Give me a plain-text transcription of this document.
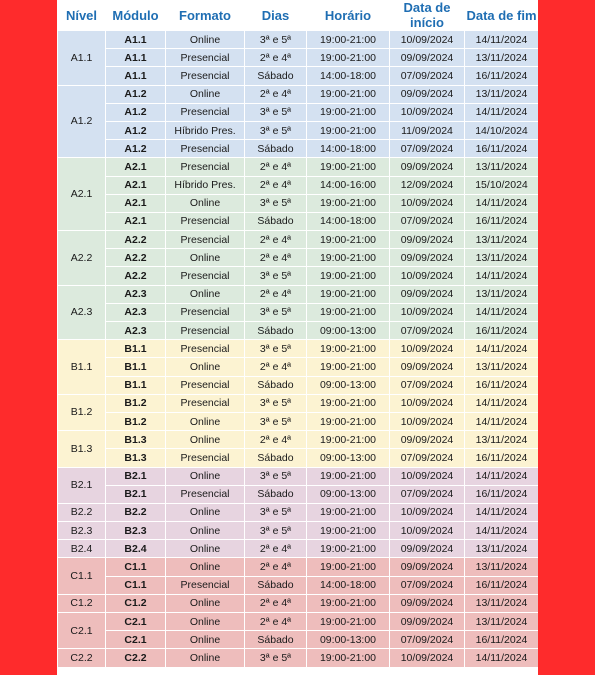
Nível	Módulo	Formato	Dias	Horário	Data de início	Data de fim
A1.1	A1.1	Online	3ª e 5ª	19:00-21:00	10/09/2024	14/11/2024
	A1.1	Presencial	2ª e 4ª	19:00-21:00	09/09/2024	13/11/2024
	A1.1	Presencial	Sábado	14:00-18:00	07/09/2024	16/11/2024
A1.2	A1.2	Online	2ª e 4ª	19:00-21:00	09/09/2024	13/11/2024
	A1.2	Presencial	3ª e 5ª	19:00-21:00	10/09/2024	14/11/2024
	A1.2	Híbrido Pres.	3ª e 5ª	19:00-21:00	11/09/2024	14/10/2024
	A1.2	Presencial	Sábado	14:00-18:00	07/09/2024	16/11/2024
A2.1	A2.1	Presencial	2ª e 4ª	19:00-21:00	09/09/2024	13/11/2024
	A2.1	Híbrido Pres.	2ª e 4ª	14:00-16:00	12/09/2024	15/10/2024
	A2.1	Online	3ª e 5ª	19:00-21:00	10/09/2024	14/11/2024
	A2.1	Presencial	Sábado	14:00-18:00	07/09/2024	16/11/2024
A2.2	A2.2	Presencial	2ª e 4ª	19:00-21:00	09/09/2024	13/11/2024
	A2.2	Online	2ª e 4ª	19:00-21:00	09/09/2024	13/11/2024
	A2.2	Presencial	3ª e 5ª	19:00-21:00	10/09/2024	14/11/2024
A2.3	A2.3	Online	2ª e 4ª	19:00-21:00	09/09/2024	13/11/2024
	A2.3	Presencial	3ª e 5ª	19:00-21:00	10/09/2024	14/11/2024
	A2.3	Presencial	Sábado	09:00-13:00	07/09/2024	16/11/2024
B1.1	B1.1	Presencial	3ª e 5ª	19:00-21:00	10/09/2024	14/11/2024
	B1.1	Online	2ª e 4ª	19:00-21:00	09/09/2024	13/11/2024
	B1.1	Presencial	Sábado	09:00-13:00	07/09/2024	16/11/2024
B1.2	B1.2	Presencial	3ª e 5ª	19:00-21:00	10/09/2024	14/11/2024
	B1.2	Online	3ª e 5ª	19:00-21:00	10/09/2024	14/11/2024
B1.3	B1.3	Online	2ª e 4ª	19:00-21:00	09/09/2024	13/11/2024
	B1.3	Presencial	Sábado	09:00-13:00	07/09/2024	16/11/2024
B2.1	B2.1	Online	3ª e 5ª	19:00-21:00	10/09/2024	14/11/2024
	B2.1	Presencial	Sábado	09:00-13:00	07/09/2024	16/11/2024
B2.2	B2.2	Online	3ª e 5ª	19:00-21:00	10/09/2024	14/11/2024
B2.3	B2.3	Online	3ª e 5ª	19:00-21:00	10/09/2024	14/11/2024
B2.4	B2.4	Online	2ª e 4ª	19:00-21:00	09/09/2024	13/11/2024
C1.1	C1.1	Online	2ª e 4ª	19:00-21:00	09/09/2024	13/11/2024
	C1.1	Presencial	Sábado	14:00-18:00	07/09/2024	16/11/2024
C1.2	C1.2	Online	2ª e 4ª	19:00-21:00	09/09/2024	13/11/2024
C2.1	C2.1	Online	2ª e 4ª	19:00-21:00	09/09/2024	13/11/2024
	C2.1	Online	Sábado	09:00-13:00	07/09/2024	16/11/2024
C2.2	C2.2	Online	3ª e 5ª	19:00-21:00	10/09/2024	14/11/2024
